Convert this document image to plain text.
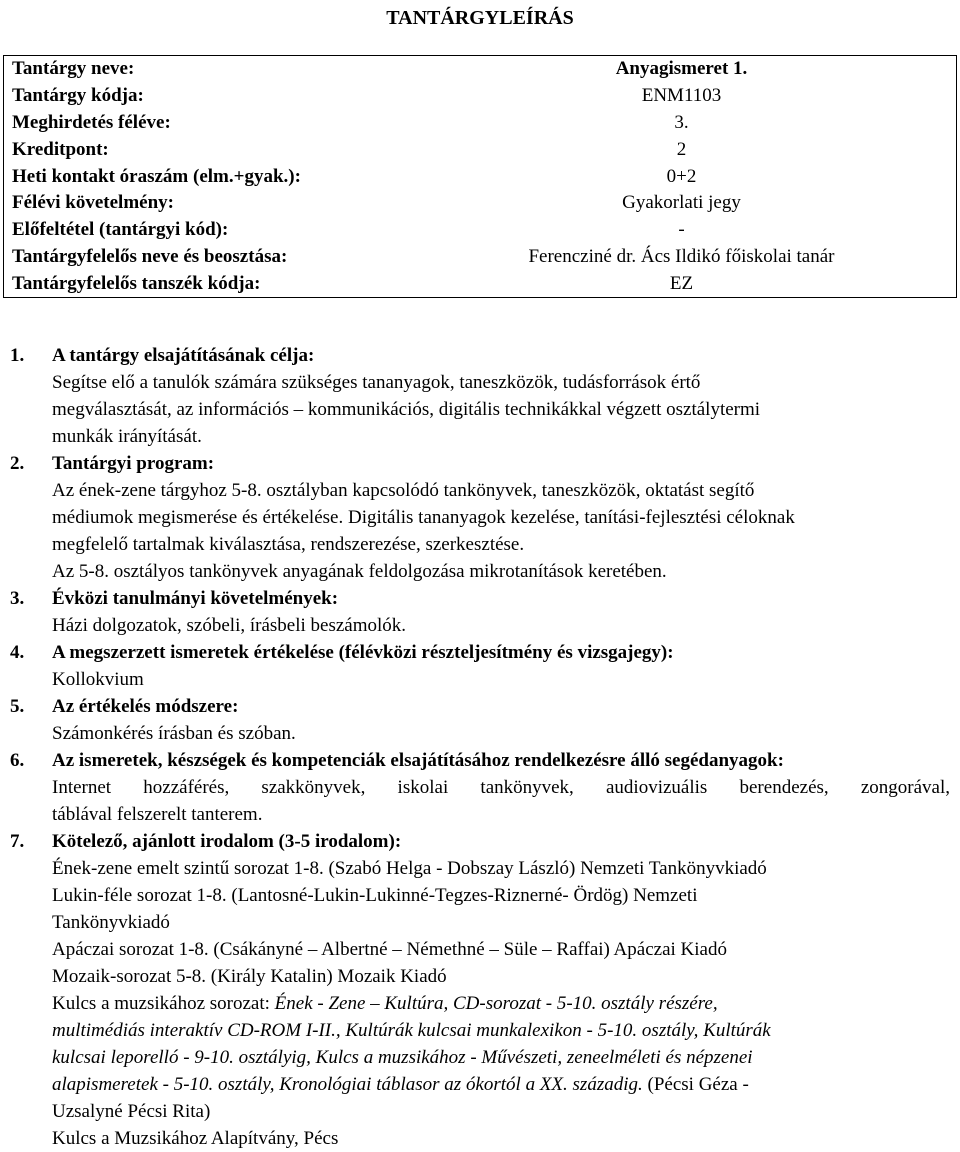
TANTÁRGYLEÍRÁS
Tantárgy neve:	Anyagismeret 1.
Tantárgy kódja:	ENM1103
Meghirdetés féléve:	3.
Kreditpont:	2
Heti kontakt óraszám (elm.+gyak.):	0+2
Félévi követelmény:	Gyakorlati jegy
Előfeltétel (tantárgyi kód):	-
Tantárgyfelelős neve és beosztása:	Ferencziné dr. Ács Ildikó főiskolai tanár
Tantárgyfelelős tanszék kódja:	EZ
1.	A tantárgy elsajátításának célja:
Segítse elő a tanulók számára szükséges tananyagok, taneszközök, tudásforrások értő
megválasztását, az információs – kommunikációs, digitális technikákkal végzett osztálytermi
munkák irányítását.
2.	Tantárgyi program:
Az ének-zene tárgyhoz 5-8. osztályban kapcsolódó tankönyvek, taneszközök, oktatást segítő
médiumok megismerése és értékelése. Digitális tananyagok kezelése, tanítási-fejlesztési céloknak
megfelelő tartalmak kiválasztása, rendszerezése, szerkesztése.
Az 5-8. osztályos tankönyvek anyagának feldolgozása mikrotanítások keretében.
3.	Évközi tanulmányi követelmények:
Házi dolgozatok, szóbeli, írásbeli beszámolók.
4.	A megszerzett ismeretek értékelése (félévközi részteljesítmény és vizsgajegy):
Kollokvium
5.	Az értékelés módszere:
Számonkérés írásban és szóban.
6.	Az ismeretek, készségek és kompetenciák elsajátításához rendelkezésre álló segédanyagok:
Internet hozzáférés, szakkönyvek, iskolai tankönyvek, audiovizuális berendezés, zongorával,
táblával felszerelt tanterem.
7.	Kötelező, ajánlott irodalom (3-5 irodalom):
Ének-zene emelt szintű sorozat 1-8. (Szabó Helga - Dobszay László) Nemzeti Tankönyvkiadó
Lukin-féle sorozat 1-8. (Lantosné-Lukin-Lukinné-Tegzes-Riznerné- Ördög) Nemzeti
Tankönyvkiadó
Apáczai sorozat 1-8. (Csákányné – Albertné – Némethné – Süle – Raffai) Apáczai Kiadó
Mozaik-sorozat 5-8. (Király Katalin) Mozaik Kiadó
Kulcs a muzsikához sorozat: Ének - Zene – Kultúra, CD-sorozat - 5-10. osztály részére,
multimédiás interaktív CD-ROM I-II., Kultúrák kulcsai munkalexikon - 5-10. osztály, Kultúrák
kulcsai leporelló - 9-10. osztályig, Kulcs a muzsikához - Művészeti, zeneelméleti és népzenei
alapismeretek - 5-10. osztály, Kronológiai táblasor az ókortól a XX. századig. (Pécsi Géza -
Uzsalyné Pécsi Rita)
Kulcs a Muzsikához Alapítvány, Pécs
